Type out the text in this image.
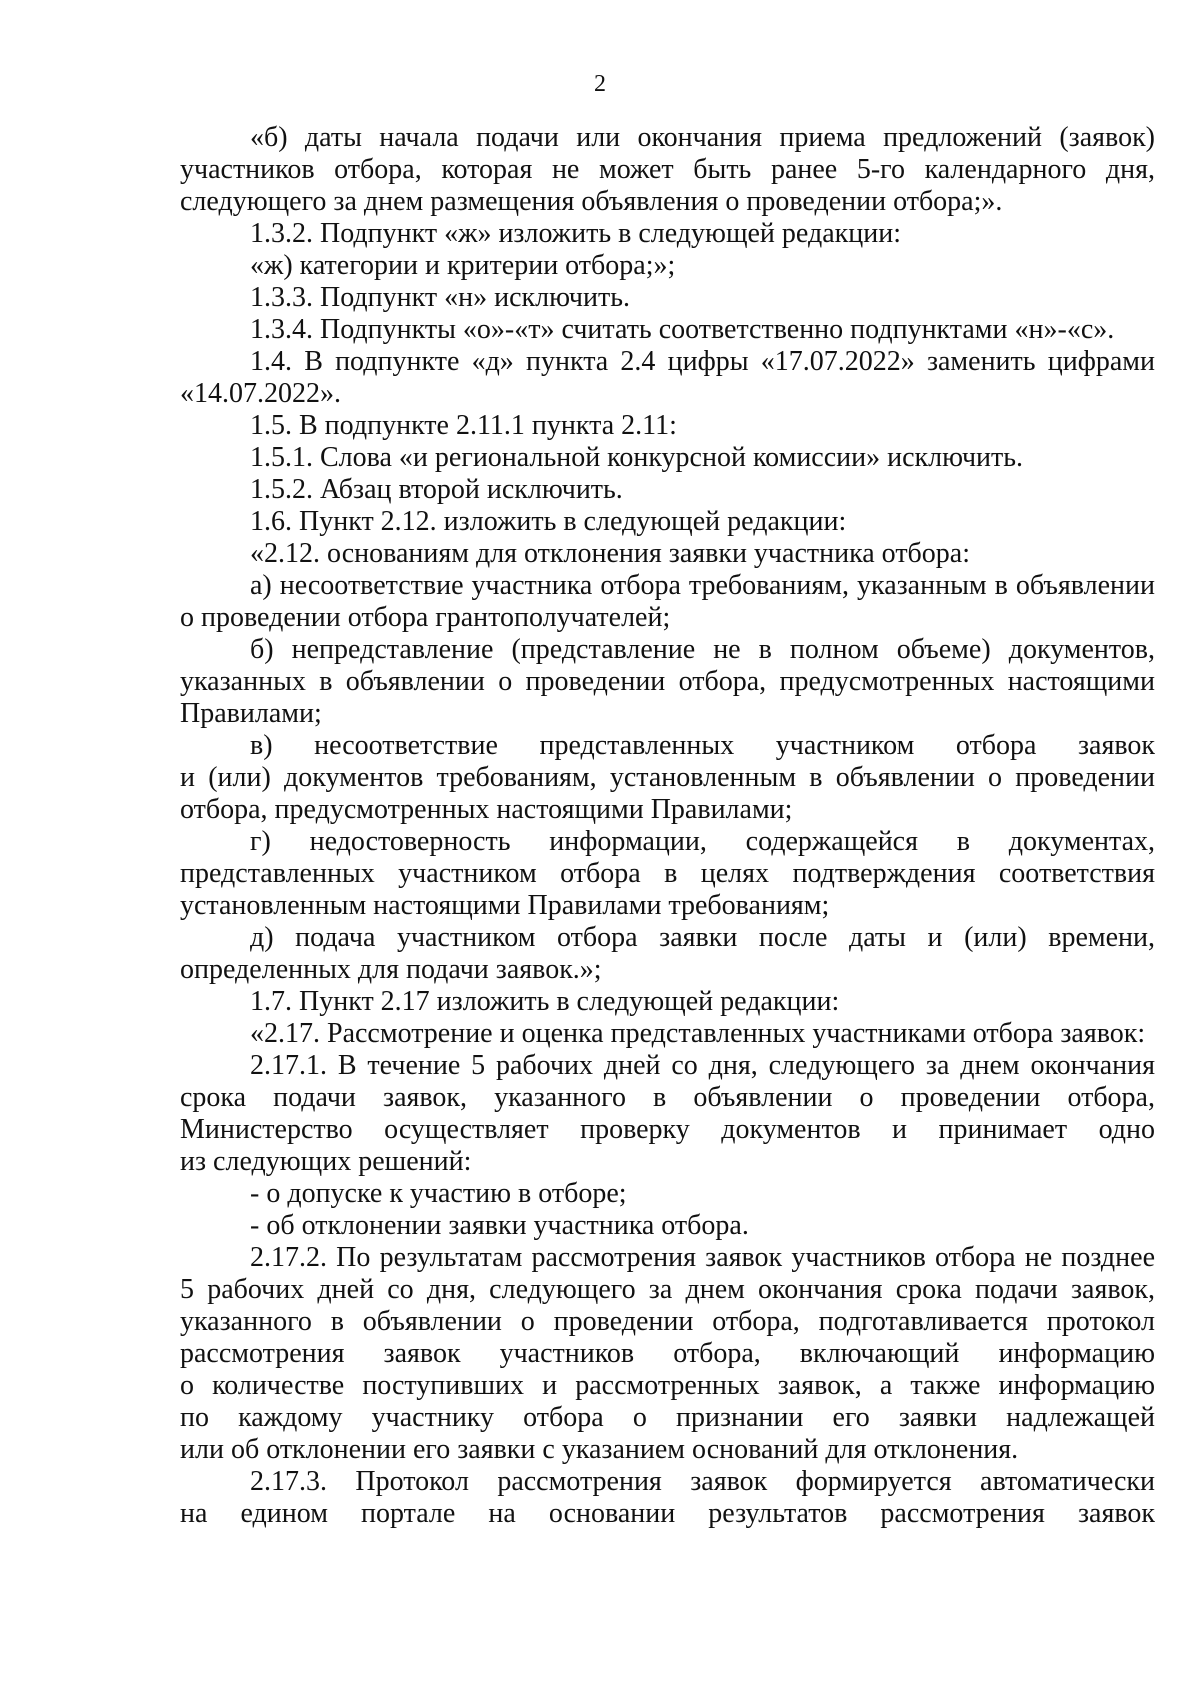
2
«б) даты начала подачи или окончания приема предложений (заявок)
участников отбора, которая не может быть ранее 5-го календарного дня,
следующего за днем размещения объявления о проведении отбора;».
1.3.2. Подпункт «ж» изложить в следующей редакции:
«ж) категории и критерии отбора;»;
1.3.3. Подпункт «н» исключить.
1.3.4. Подпункты «о»-«т» считать соответственно подпунктами «н»-«с».
1.4. В подпункте «д» пункта 2.4 цифры «17.07.2022» заменить цифрами
«14.07.2022».
1.5. В подпункте 2.11.1 пункта 2.11:
1.5.1. Слова «и региональной конкурсной комиссии» исключить.
1.5.2. Абзац второй исключить.
1.6. Пункт 2.12. изложить в следующей редакции:
«2.12. основаниям для отклонения заявки участника отбора:
а) несоответствие участника отбора требованиям, указанным в объявлении
о проведении отбора грантополучателей;
б) непредставление (представление не в полном объеме) документов,
указанных в объявлении о проведении отбора, предусмотренных настоящими
Правилами;
в) несоответствие представленных участником отбора заявок
и (или) документов требованиям, установленным в объявлении о проведении
отбора, предусмотренных настоящими Правилами;
г) недостоверность информации, содержащейся в документах,
представленных участником отбора в целях подтверждения соответствия
установленным настоящими Правилами требованиям;
д) подача участником отбора заявки после даты и (или) времени,
определенных для подачи заявок.»;
1.7. Пункт 2.17 изложить в следующей редакции:
«2.17. Рассмотрение и оценка представленных участниками отбора заявок:
2.17.1. В течение 5 рабочих дней со дня, следующего за днем окончания
срока подачи заявок, указанного в объявлении о проведении отбора,
Министерство осуществляет проверку документов и принимает одно
из следующих решений:
- о допуске к участию в отборе;
- об отклонении заявки участника отбора.
2.17.2. По результатам рассмотрения заявок участников отбора не позднее
5 рабочих дней со дня, следующего за днем окончания срока подачи заявок,
указанного в объявлении о проведении отбора, подготавливается протокол
рассмотрения заявок участников отбора, включающий информацию
о количестве поступивших и рассмотренных заявок, а также информацию
по каждому участнику отбора о признании его заявки надлежащей
или об отклонении его заявки с указанием оснований для отклонения.
2.17.3. Протокол рассмотрения заявок формируется автоматически
на едином портале на основании результатов рассмотрения заявок
